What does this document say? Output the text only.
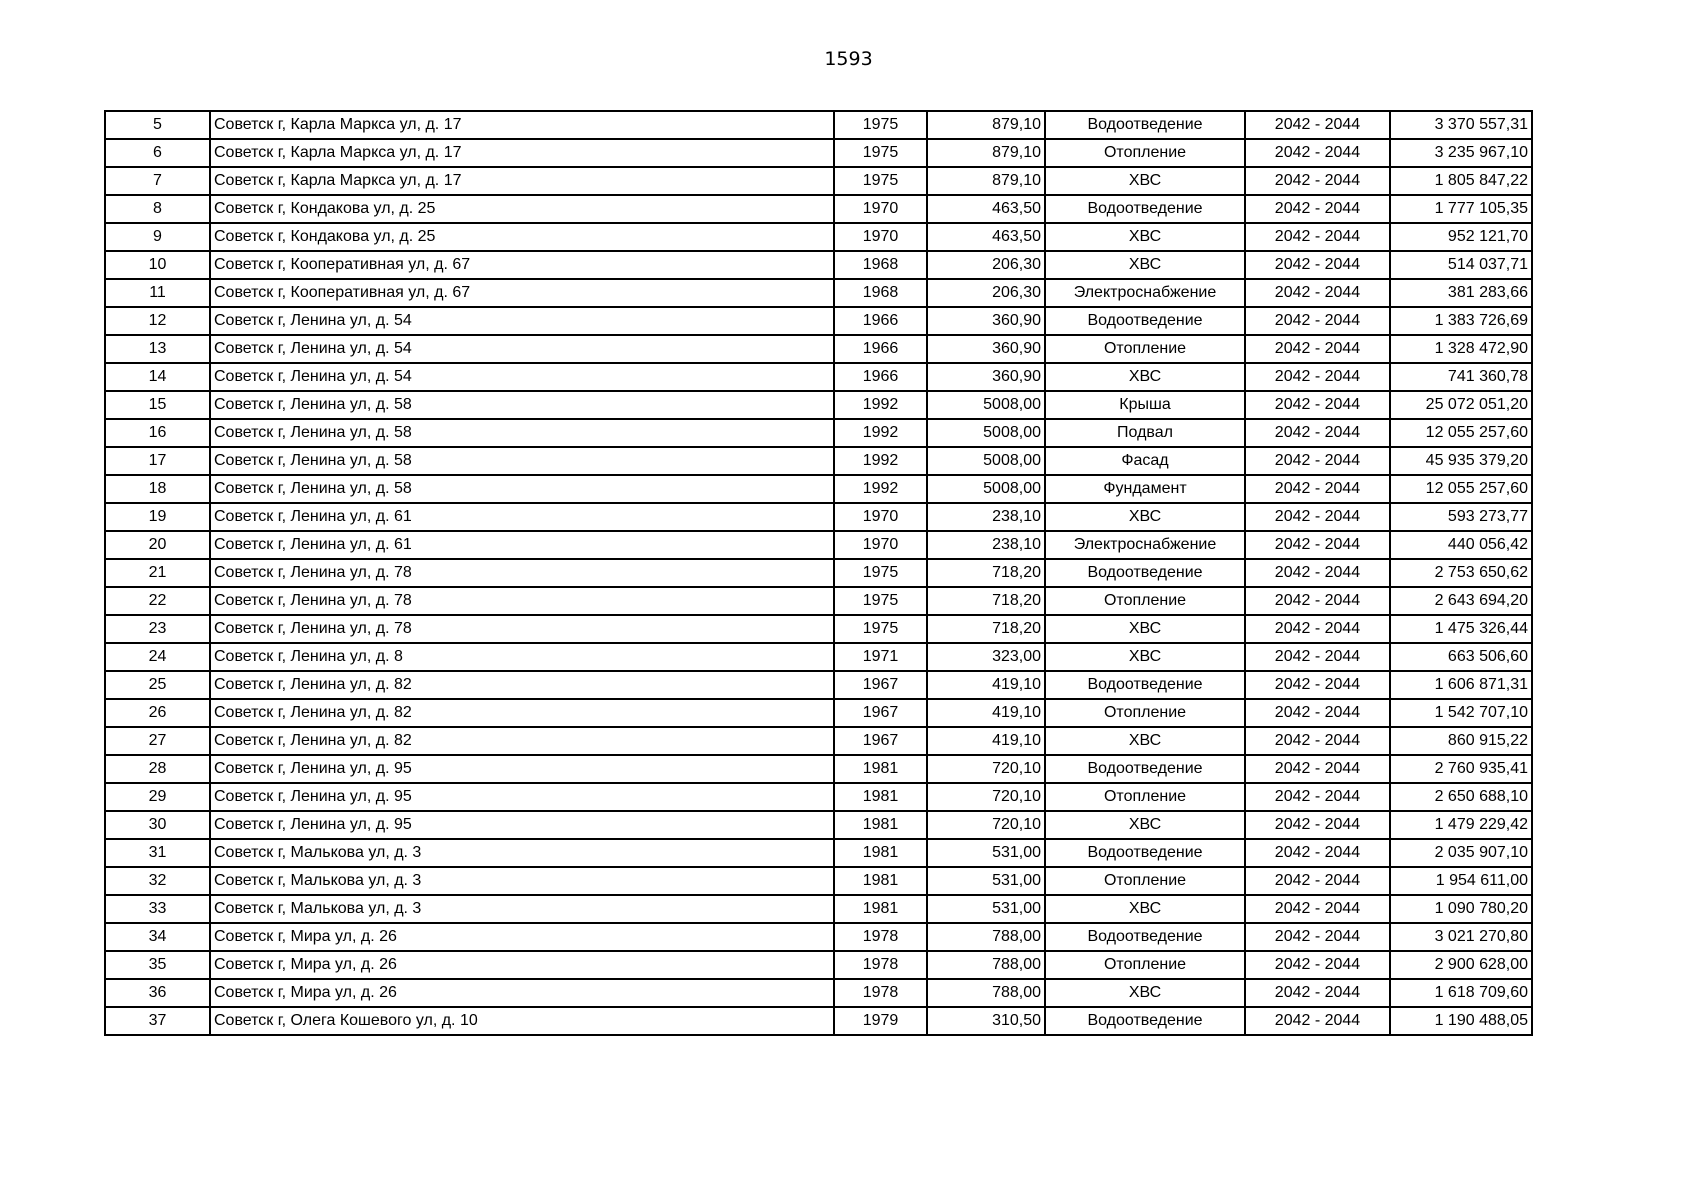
1593
5	Советск г, Карла Маркса ул, д. 17	1975	879,10	Водоотведение	2042 - 2044	3 370 557,31
6	Советск г, Карла Маркса ул, д. 17	1975	879,10	Отопление	2042 - 2044	3 235 967,10
7	Советск г, Карла Маркса ул, д. 17	1975	879,10	ХВС	2042 - 2044	1 805 847,22
8	Советск г, Кондакова ул, д. 25	1970	463,50	Водоотведение	2042 - 2044	1 777 105,35
9	Советск г, Кондакова ул, д. 25	1970	463,50	ХВС	2042 - 2044	952 121,70
10	Советск г, Кооперативная ул, д. 67	1968	206,30	ХВС	2042 - 2044	514 037,71
11	Советск г, Кооперативная ул, д. 67	1968	206,30	Электроснабжение	2042 - 2044	381 283,66
12	Советск г, Ленина ул, д. 54	1966	360,90	Водоотведение	2042 - 2044	1 383 726,69
13	Советск г, Ленина ул, д. 54	1966	360,90	Отопление	2042 - 2044	1 328 472,90
14	Советск г, Ленина ул, д. 54	1966	360,90	ХВС	2042 - 2044	741 360,78
15	Советск г, Ленина ул, д. 58	1992	5008,00	Крыша	2042 - 2044	25 072 051,20
16	Советск г, Ленина ул, д. 58	1992	5008,00	Подвал	2042 - 2044	12 055 257,60
17	Советск г, Ленина ул, д. 58	1992	5008,00	Фасад	2042 - 2044	45 935 379,20
18	Советск г, Ленина ул, д. 58	1992	5008,00	Фундамент	2042 - 2044	12 055 257,60
19	Советск г, Ленина ул, д. 61	1970	238,10	ХВС	2042 - 2044	593 273,77
20	Советск г, Ленина ул, д. 61	1970	238,10	Электроснабжение	2042 - 2044	440 056,42
21	Советск г, Ленина ул, д. 78	1975	718,20	Водоотведение	2042 - 2044	2 753 650,62
22	Советск г, Ленина ул, д. 78	1975	718,20	Отопление	2042 - 2044	2 643 694,20
23	Советск г, Ленина ул, д. 78	1975	718,20	ХВС	2042 - 2044	1 475 326,44
24	Советск г, Ленина ул, д. 8	1971	323,00	ХВС	2042 - 2044	663 506,60
25	Советск г, Ленина ул, д. 82	1967	419,10	Водоотведение	2042 - 2044	1 606 871,31
26	Советск г, Ленина ул, д. 82	1967	419,10	Отопление	2042 - 2044	1 542 707,10
27	Советск г, Ленина ул, д. 82	1967	419,10	ХВС	2042 - 2044	860 915,22
28	Советск г, Ленина ул, д. 95	1981	720,10	Водоотведение	2042 - 2044	2 760 935,41
29	Советск г, Ленина ул, д. 95	1981	720,10	Отопление	2042 - 2044	2 650 688,10
30	Советск г, Ленина ул, д. 95	1981	720,10	ХВС	2042 - 2044	1 479 229,42
31	Советск г, Малькова ул, д. 3	1981	531,00	Водоотведение	2042 - 2044	2 035 907,10
32	Советск г, Малькова ул, д. 3	1981	531,00	Отопление	2042 - 2044	1 954 611,00
33	Советск г, Малькова ул, д. 3	1981	531,00	ХВС	2042 - 2044	1 090 780,20
34	Советск г, Мира ул, д. 26	1978	788,00	Водоотведение	2042 - 2044	3 021 270,80
35	Советск г, Мира ул, д. 26	1978	788,00	Отопление	2042 - 2044	2 900 628,00
36	Советск г, Мира ул, д. 26	1978	788,00	ХВС	2042 - 2044	1 618 709,60
37	Советск г, Олега Кошевого ул, д. 10	1979	310,50	Водоотведение	2042 - 2044	1 190 488,05
